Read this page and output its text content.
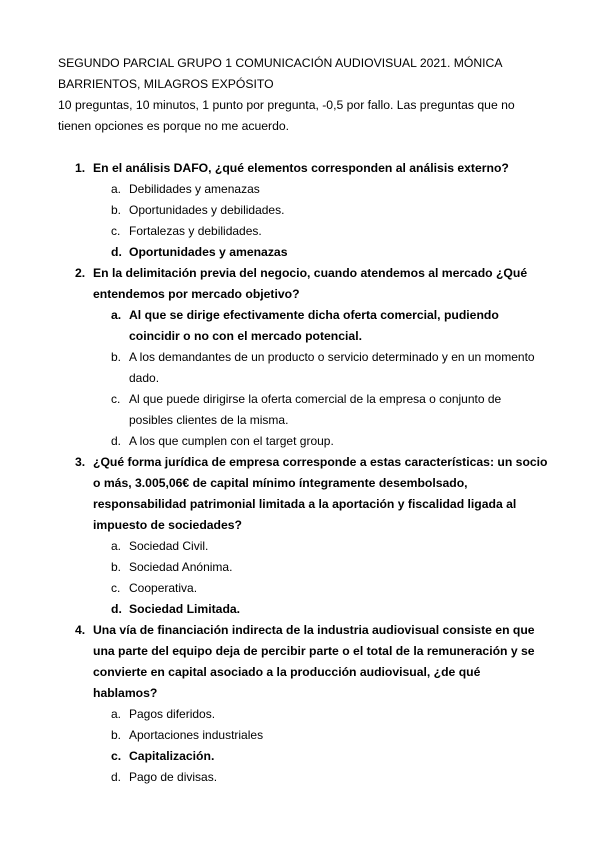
SEGUNDO PARCIAL GRUPO 1 COMUNICACIÓN AUDIOVISUAL 2021. MÓNICA BARRIENTOS, MILAGROS EXPÓSITO

10 preguntas, 10 minutos, 1 punto por pregunta, -0,5 por fallo. Las preguntas que no tienen opciones es porque no me acuerdo.

1. En el análisis DAFO, ¿qué elementos corresponden al análisis externo?

a. Debilidades y amenazas
b. Oportunidades y debilidades.
c. Fortalezas y debilidades.
d. Oportunidades y amenazas
2. En la delimitación previa del negocio, cuando atendemos al mercado ¿Qué entendemos por mercado objetivo?

a. Al que se dirige efectivamente dicha oferta comercial, pudiendo coincidir o no con el mercado potencial.
b. A los demandantes de un producto o servicio determinado y en un momento dado.
c. Al que puede dirigirse la oferta comercial de la empresa o conjunto de posibles clientes de la misma.
d. A los que cumplen con el target group.
3. ¿Qué forma jurídica de empresa corresponde a estas características: un socio o más, 3.005,06€ de capital mínimo íntegramente desembolsado, responsabilidad patrimonial limitada a la aportación y fiscalidad ligada al impuesto de sociedades?

a. Sociedad Civil.
b. Sociedad Anónima.
c. Cooperativa.
d. Sociedad Limitada.
4. Una vía de financiación indirecta de la industria audiovisual consiste en que una parte del equipo deja de percibir parte o el total de la remuneración y se convierte en capital asociado a la producción audiovisual, ¿de qué hablamos?

a. Pagos diferidos.
b. Aportaciones industriales
c. Capitalización.
d. Pago de divisas.
